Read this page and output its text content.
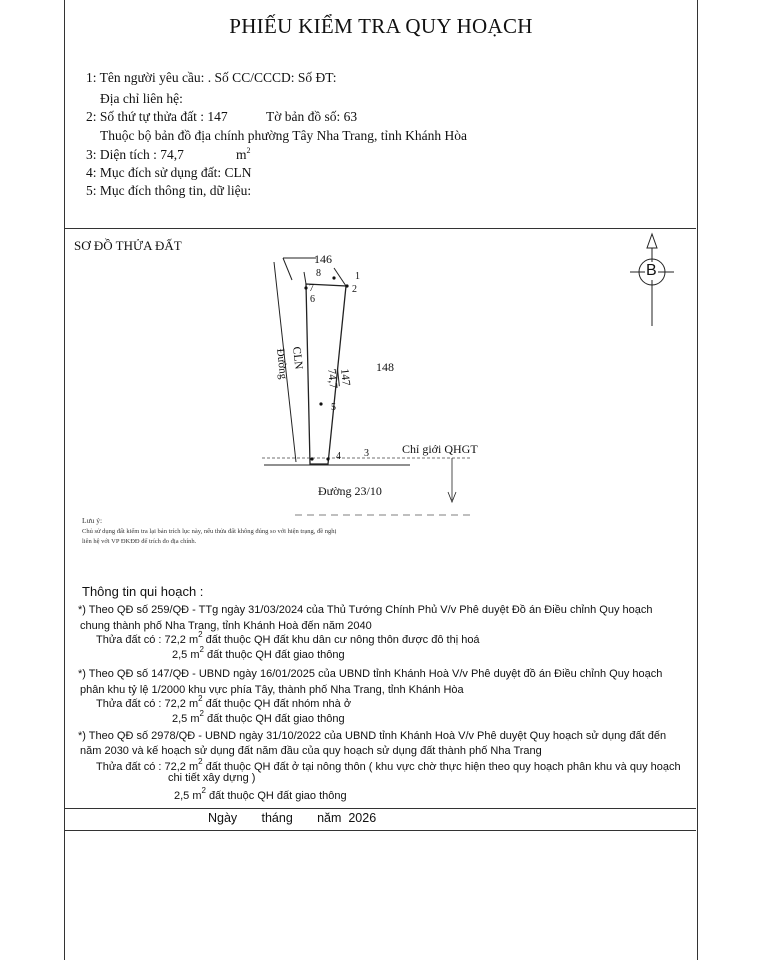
PHIẾU KIỂM TRA QUY HOẠCH
1: Tên người yêu cầu: . Số CC/CCCD: Số ĐT:
Địa chỉ liên hệ:
2: Số thứ tự thửa đất : 147	Tờ bản đồ số: 63
Thuộc bộ bản đồ địa chính phường Tây Nha Trang, tỉnh Khánh Hòa
3: Diện tích : 74,7	$m^2$
4: Mục đích sử dụng đất: CLN
5: Mục đích thông tin, dữ liệu:
SƠ ĐỒ THỬA ĐẤT
B
146
148
8	1
2
7
6
5
4 3
CLN
147
74,7
Đường
Đường 23/10
Chỉ giới QHGT
Lưu ý:
Chủ sử dụng đất kiểm tra lại bản trích lục này, nếu thửa đất không đúng so với hiện trạng, đề nghị
liên hệ với VP ĐKĐĐ để trích đo địa chính.
Thông tin qui hoạch :
*) Theo QĐ số 259/QĐ - TTg ngày 31/03/2024 của Thủ Tướng Chính Phủ V/v Phê duyệt Đồ án Điều chỉnh Quy hoạch
chung thành phố Nha Trang, tỉnh Khánh Hoà đến năm 2040
Thửa đất có : 72,2 $m^2$ đất thuộc QH đất khu dân cư nông thôn được đô thị hoá
2,5 $m^2$ đất thuộc QH đất giao thông
*) Theo QĐ số 147/QĐ - UBND ngày 16/01/2025 của UBND tỉnh Khánh Hoà V/v Phê duyệt đồ án Điều chỉnh Quy hoạch
phân khu tỷ lệ 1/2000 khu vực phía Tây, thành phố Nha Trang, tỉnh Khánh Hòa
Thửa đất có : 72,2 $m^2$ đất thuộc QH đất nhóm nhà ở
2,5 $m^2$ đất thuộc QH đất giao thông
*) Theo QĐ số 2978/QĐ - UBND ngày 31/10/2022 của UBND tỉnh Khánh Hoà V/v Phê duyệt Quy hoạch sử dụng đất đến
năm 2030 và kế hoạch sử dụng đất năm đầu của quy hoạch sử dụng đất thành phố Nha Trang
Thửa đất có : 72,2 $m^2$ đất thuộc QH đất ở tại nông thôn ( khu vực chờ thực hiện theo quy hoạch phân khu và quy hoạch
chi tiết xây dựng )
2,5 $m^2$ đất thuộc QH đất giao thông
Ngày       tháng       năm  2026
